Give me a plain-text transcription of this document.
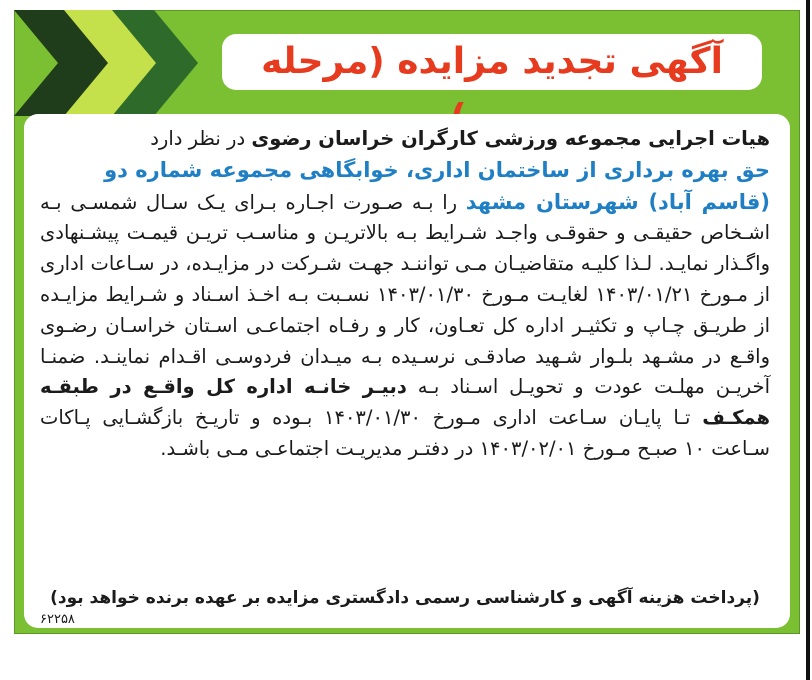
آگهی تجدید مزایده (مرحله

هیات اجرایی مجموعه ورزشی کارگران خراسان رضوی در نظر دارد

حق بهره برداری از ساختمان اداری، خوابگاهی مجموعه شماره دو

(قاسم آباد) شهرستان مشهد را بـه صـورت اجـاره بـرای یـک سـال شمسـی بـه اشـخاص حقیقـی و حقوقـی واجـد شـرایط بـه بالاتریـن و مناسـب تریـن قیمـت پیشـنهادی واگـذار نمایـد. لـذا کلیـه متقاضیـان مـی تواننـد جهـت شـرکت در مزایـده، در سـاعات اداری از مـورخ ۱۴۰۳/۰۱/۲۱ لغایـت مـورخ ۱۴۰۳/۰۱/۳۰ نسـبت بـه اخـذ اسـناد و شـرایط مزایـده از طریـق چـاپ و تکثیـر اداره کل تعـاون، کار و رفـاه اجتماعـی اسـتان خراسـان رضـوی واقـع در مشـهد بلـوار شـهید صادقـی نرسـیده بـه میـدان فردوسـی اقـدام نماینـد. ضمنـا آخریـن مهلـت عودت و تحویـل اسـناد بـه دبیـر خانـه اداره کل واقـع در طبقـه همکـف تـا پایـان سـاعت اداری مـورخ ۱۴۰۳/۰۱/۳۰ بـوده و تاریـخ بازگشـایی پـاکات سـاعت ۱۰ صبـح مـورخ ۱۴۰۳/۰۲/۰۱ در دفتـر مدیریـت اجتماعـی مـی باشـد.

(پرداخت هزینه آگهی و کارشناسی رسمی دادگستری مزایده بر عهده برنده خواهد بود)
۶۲۲۵۸
